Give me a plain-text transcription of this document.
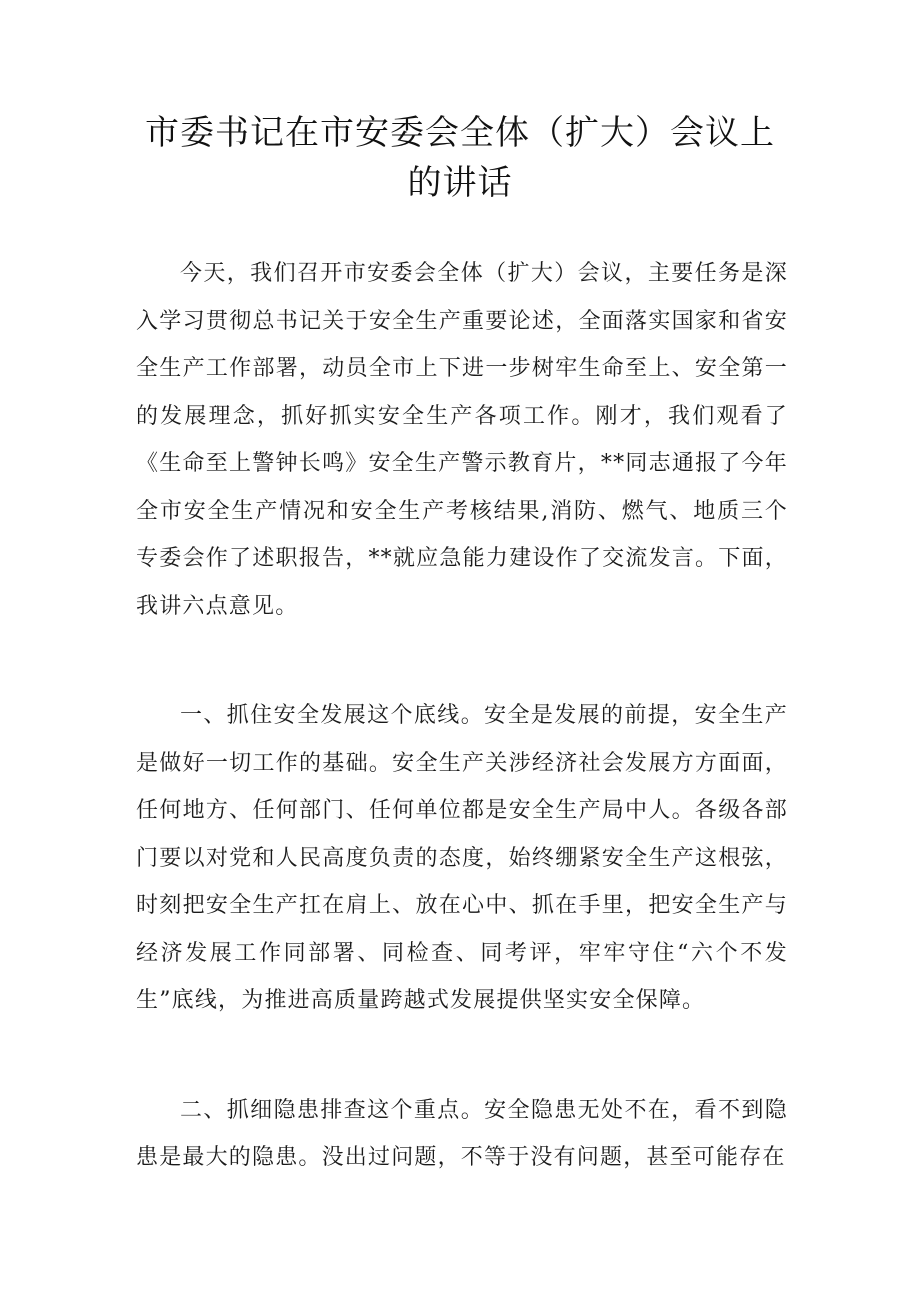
市委书记在市安委会全体（扩大）会议上的讲话

今天，我们召开市安委会全体（扩大）会议，主要任务是深入学习贯彻总书记关于安全生产重要论述，全面落实国家和省安全生产工作部署，动员全市上下进一步树牢生命至上、安全第一的发展理念，抓好抓实安全生产各项工作。刚才，我们观看了《生命至上警钟长鸣》安全生产警示教育片，**同志通报了今年全市安全生产情况和安全生产考核结果,消防、燃气、地质三个专委会作了述职报告，**就应急能力建设作了交流发言。下面，我讲六点意见。

一、抓住安全发展这个底线。安全是发展的前提，安全生产是做好一切工作的基础。安全生产关涉经济社会发展方方面面，任何地方、任何部门、任何单位都是安全生产局中人。各级各部门要以对党和人民高度负责的态度，始终绷紧安全生产这根弦，时刻把安全生产扛在肩上、放在心中、抓在手里，把安全生产与经济发展工作同部署、同检查、同考评，牢牢守住“六个不发生”底线，为推进高质量跨越式发展提供坚实安全保障。

二、抓细隐患排查这个重点。安全隐患无处不在，看不到隐患是最大的隐患。没出过问题，不等于没有问题，甚至可能存在
